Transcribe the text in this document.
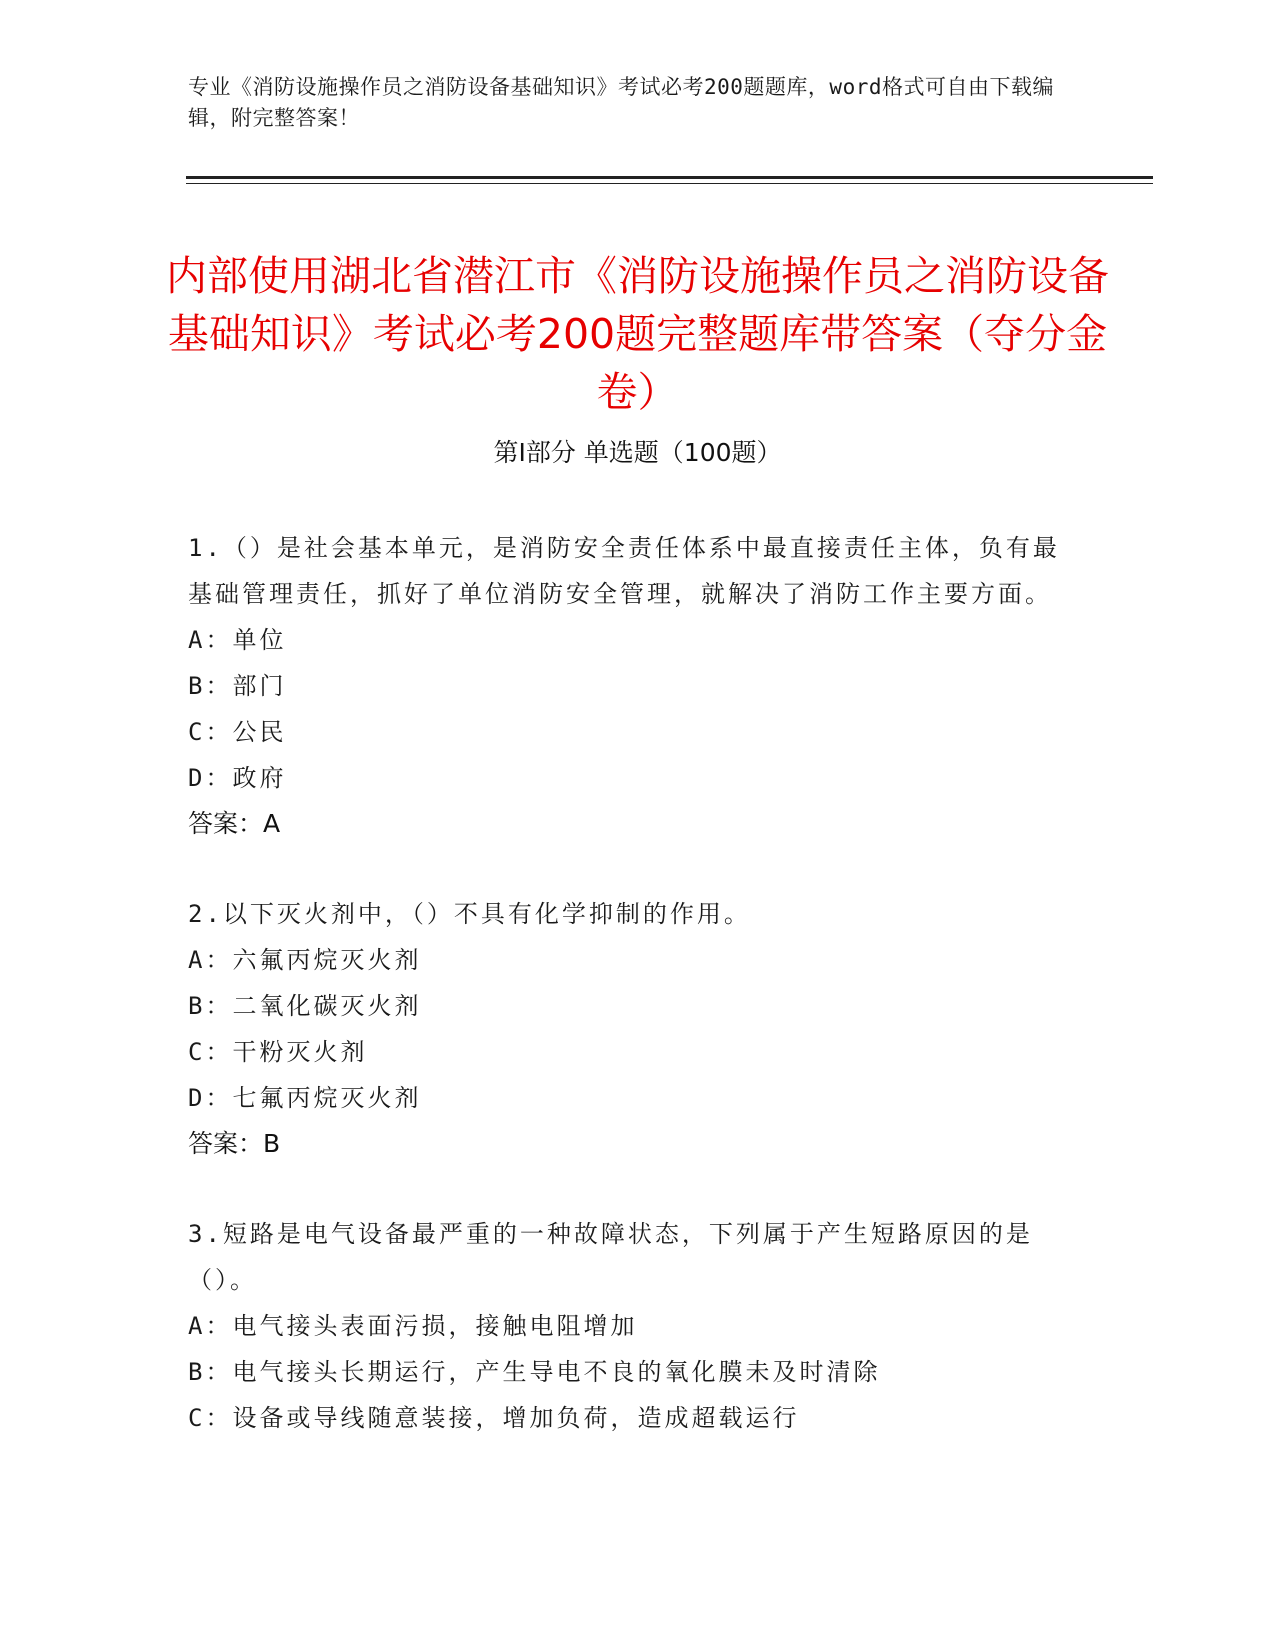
专业《消防设施操作员之消防设备基础知识》考试必考200题题库，word格式可自由下载编辑，附完整答案！
内部使用湖北省潜江市《消防设施操作员之消防设备基础知识》考试必考200题完整题库带答案（夺分金卷）
第Ⅰ部分 单选题（100题）

1.（）是社会基本单元，是消防安全责任体系中最直接责任主体，负有最基础管理责任，抓好了单位消防安全管理，就解决了消防工作主要方面。

A：单位

B：部门

C：公民

D：政府

答案：A

2.以下灭火剂中，（）不具有化学抑制的作用。

A：六氟丙烷灭火剂

B：二氧化碳灭火剂

C：干粉灭火剂

D：七氟丙烷灭火剂

答案：B

3.短路是电气设备最严重的一种故障状态，下列属于产生短路原因的是（）。

A：电气接头表面污损，接触电阻增加

B：电气接头长期运行，产生导电不良的氧化膜未及时清除

C：设备或导线随意装接，增加负荷，造成超载运行
